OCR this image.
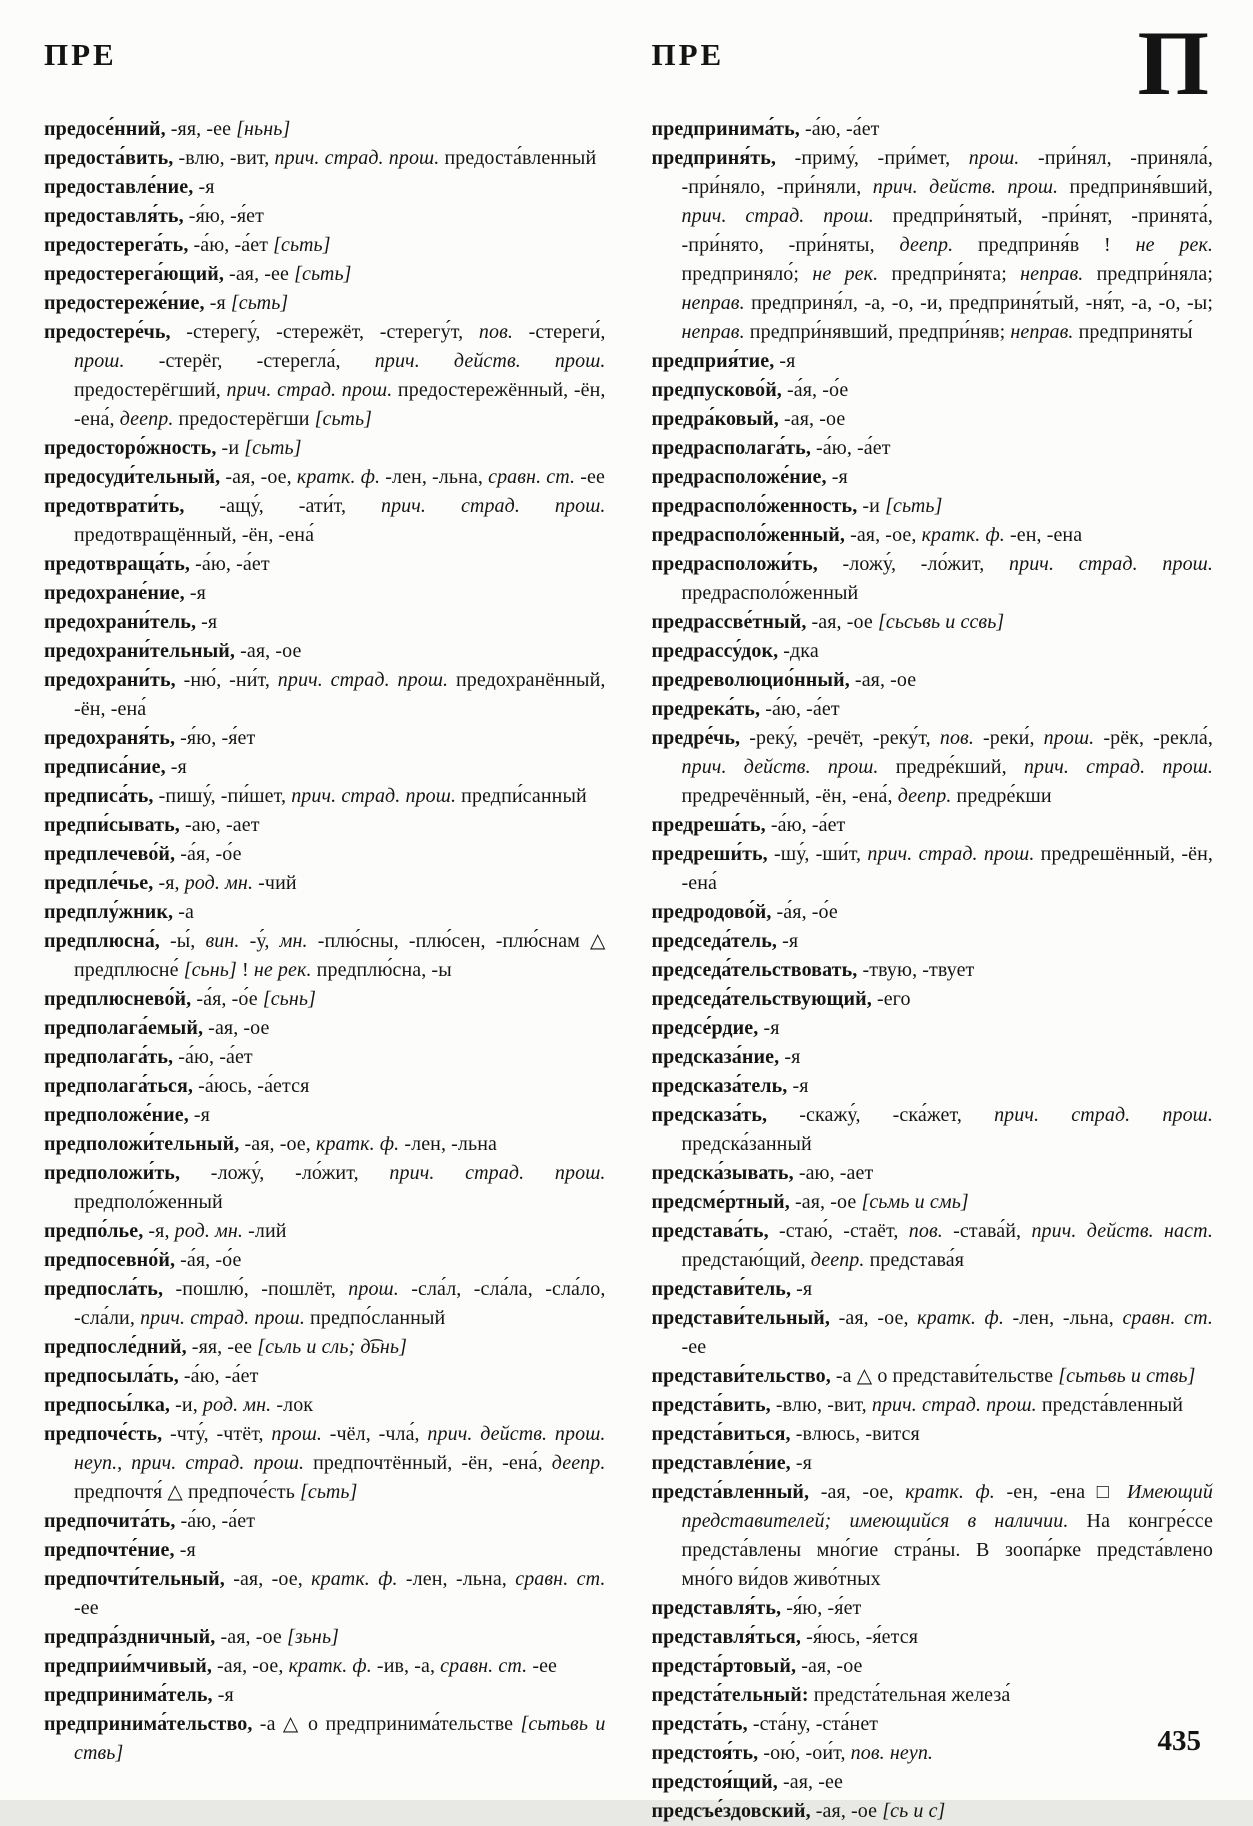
ПРЕ	ПРЕ	П

предосе́нний, -яя, -ее [ньнь]

предоста́вить, -влю, -вит, прич. страд. прош. предоста́вленный

предоставле́ние, -я

предоставля́ть, -я́ю, -я́ет

предостерега́ть, -а́ю, -а́ет [сьть]

предостерега́ющий, -ая, -ее [сьть]

предостереже́ние, -я [сьть]

предостере́чь, -стерегу́, -стережёт, -стерегу́т, пов. -стереги́, прош. -стерёг, -стерегла́, прич. действ. прош. предостерёгший, прич. страд. прош. предостережённый, -ён, -ена́, деепр. предостерёгши [сьть]

предосторо́жность, -и [сьть]

предосуди́тельный, -ая, -ое, кратк. ф. -лен, -льна, сравн. ст. -ее

предотврати́ть, -ащу́, -ати́т, прич. страд. прош. предотвращённый, -ён, -ена́

предотвраща́ть, -а́ю, -а́ет

предохране́ние, -я

предохрани́тель, -я

предохрани́тельный, -ая, -ое

предохрани́ть, -ню́, -ни́т, прич. страд. прош. предохранённый, -ён, -ена́

предохраня́ть, -я́ю, -я́ет

предписа́ние, -я

предписа́ть, -пишу́, -пи́шет, прич. страд. прош. предпи́санный

предпи́сывать, -аю, -ает

предплечево́й, -а́я, -о́е

предпле́чье, -я, род. мн. -чий

предплу́жник, -а

предплюсна́, -ы́, вин. -у́, мн. -плю́сны, -плю́сен, -плю́снам △ предплюсне́ [сьнь] ! не рек. предплю́сна, -ы

предплюснево́й, -а́я, -о́е [сьнь]

предполага́емый, -ая, -ое

предполага́ть, -а́ю, -а́ет

предполага́ться, -а́юсь, -а́ется

предположе́ние, -я

предположи́тельный, -ая, -ое, кратк. ф. -лен, -льна

предположи́ть, -ложу́, -ло́жит, прич. страд. прош. предполо́женный

предпо́лье, -я, род. мн. -лий

предпосевно́й, -а́я, -о́е

предпосла́ть, -пошлю́, -пошлёт, прош. -сла́л, -сла́ла, -сла́ло, -сла́ли, прич. страд. прош. предпо́сланный

предпосле́дний, -яя, -ее [сьль и сль; д͡ьнь]

предпосыла́ть, -а́ю, -а́ет

предпосы́лка, -и, род. мн. -лок

предпоче́сть, -чту́, -чтёт, прош. -чёл, -чла́, прич. действ. прош. неуп., прич. страд. прош. предпочтённый, -ён, -ена́, деепр. предпочтя́ △ предпоче́сть [сьть]

предпочита́ть, -а́ю, -а́ет

предпочте́ние, -я

предпочти́тельный, -ая, -ое, кратк. ф. -лен, -льна, сравн. ст. -ее

предпра́здничный, -ая, -ое [зьнь]

предприи́мчивый, -ая, -ое, кратк. ф. -ив, -а, сравн. ст. -ее

предпринима́тель, -я

предпринима́тельство, -а △ о предпринима́тельстве [сьтьвь и ствь]

предпринима́ть, -а́ю, -а́ет

предприня́ть, -приму́, -при́мет, прош. -при́нял, -приняла́, -при́няло, -при́няли, прич. действ. прош. предприня́вший, прич. страд. прош. предпри́нятый, -при́нят, -принята́, -при́нято, -при́няты, деепр. предприня́в ! не рек. предприняло́; не рек. предпри́нята; неправ. предпри́няла; неправ. предприня́л, -а, -о, -и, предприня́тый, -ня́т, -а, -о, -ы; неправ. предпри́нявший, предпри́няв; неправ. предприняты́

предприя́тие, -я

предпусково́й, -а́я, -о́е

предра́ковый, -ая, -ое

предрасполага́ть, -а́ю, -а́ет

предрасположе́ние, -я

предрасполо́женность, -и [сьть]

предрасполо́женный, -ая, -ое, кратк. ф. -ен, -ена

предрасположи́ть, -ложу́, -ло́жит, прич. страд. прош. предрасполо́женный

предрассве́тный, -ая, -ое [сьсьвь и ссвь]

предрассу́док, -дка

предреволюцио́нный, -ая, -ое

предрека́ть, -а́ю, -а́ет

предре́чь, -реку́, -речёт, -реку́т, пов. -реки́, прош. -рёк, -рекла́, прич. действ. прош. предре́кший, прич. страд. прош. предречённый, -ён, -ена́, деепр. предре́кши

предреша́ть, -а́ю, -а́ет

предреши́ть, -шу́, -ши́т, прич. страд. прош. предрешённый, -ён, -ена́

предродово́й, -а́я, -о́е

председа́тель, -я

председа́тельствовать, -твую, -твует

председа́тельствующий, -его

предсе́рдие, -я

предсказа́ние, -я

предсказа́тель, -я

предсказа́ть, -скажу́, -ска́жет, прич. страд. прош. предска́занный

предска́зывать, -аю, -ает

предсме́ртный, -ая, -ое [сьмь и смь]

представа́ть, -стаю́, -стаёт, пов. -става́й, прич. действ. наст. предстаю́щий, деепр. представа́я

представи́тель, -я

представи́тельный, -ая, -ое, кратк. ф. -лен, -льна, сравн. ст. -ее

представи́тельство, -а △ о представи́тельстве [сьтьвь и ствь]

предста́вить, -влю, -вит, прич. страд. прош. предста́вленный

предста́виться, -влюсь, -вится

представле́ние, -я

предста́вленный, -ая, -ое, кратк. ф. -ен, -ена □ Имеющий представителей; имеющийся в наличии. На конгре́ссе предста́влены мно́гие стра́ны. В зоопа́рке предста́влено мно́го ви́дов живо́тных

представля́ть, -я́ю, -я́ет

представля́ться, -я́юсь, -я́ется

предста́ртовый, -ая, -ое

предста́тельный: предста́тельная железа́

предста́ть, -ста́ну, -ста́нет

предстоя́ть, -ою́, -ои́т, пов. неуп.

предстоя́щий, -ая, -ее

предсъе́здовский, -ая, -ое [сь и с]

435
